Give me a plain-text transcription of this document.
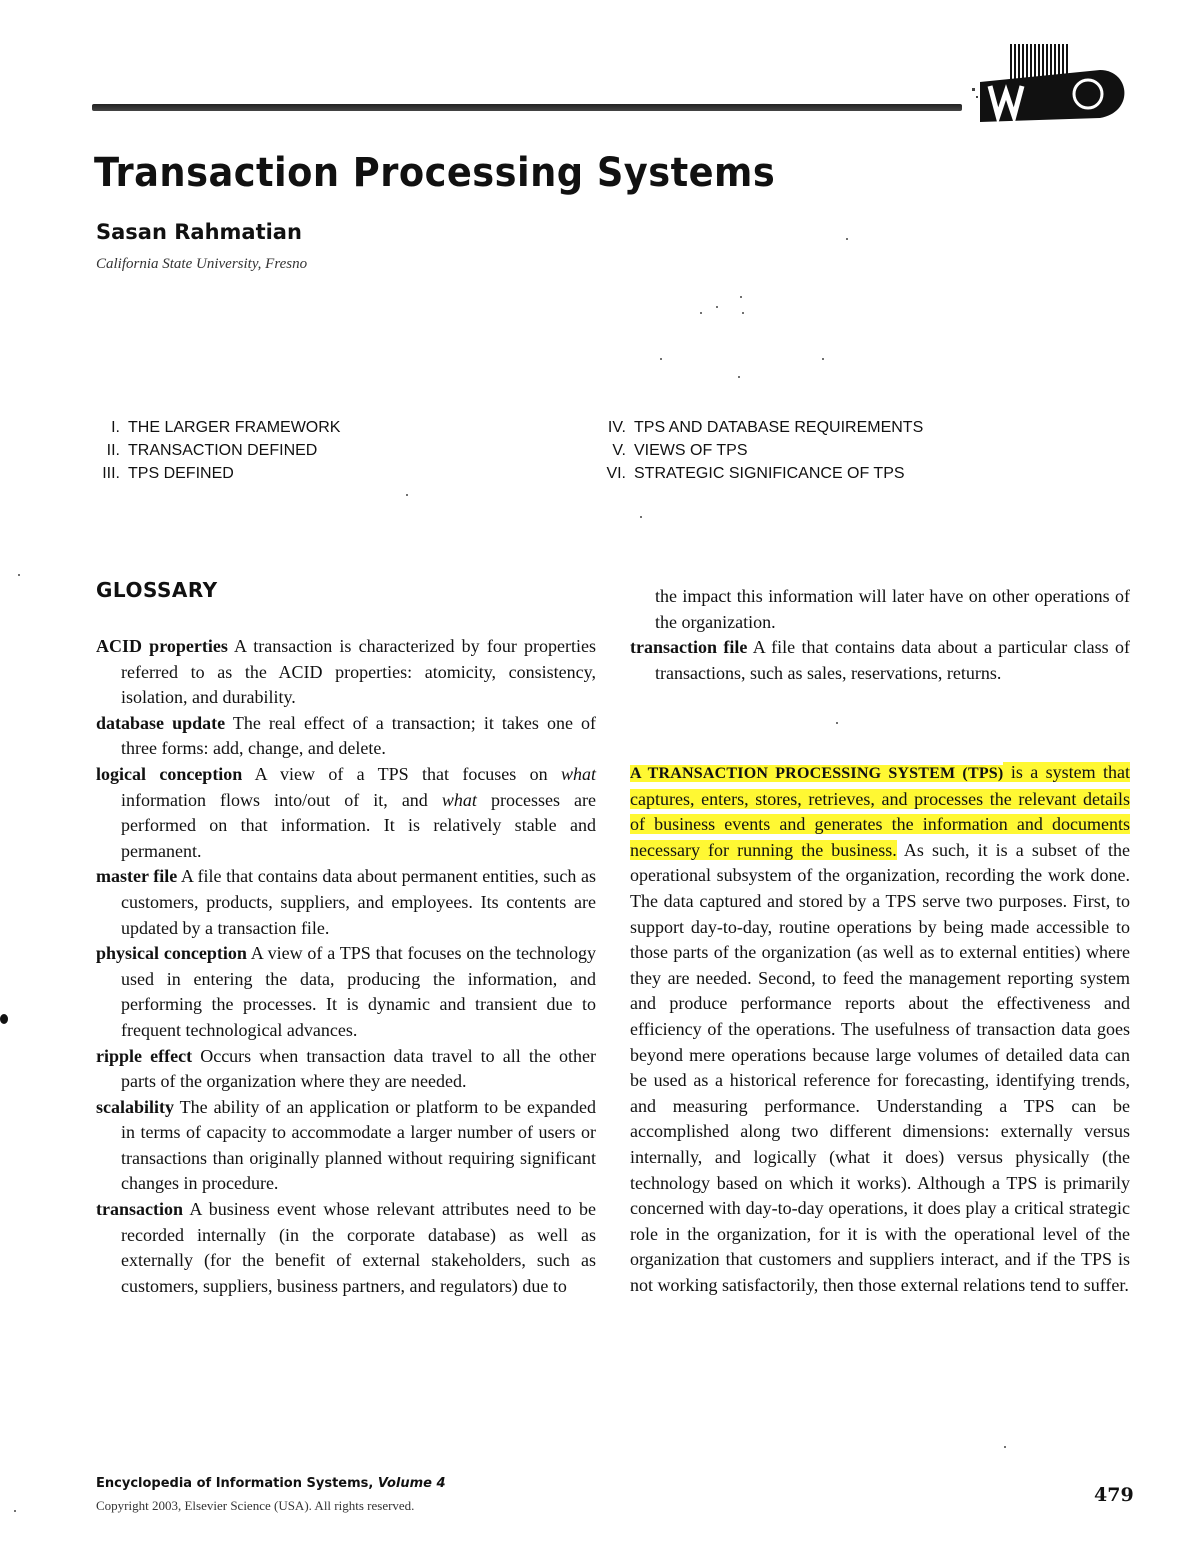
Transaction Processing Systems
Sasan Rahmatian
California State University, Fresno
I. THE LARGER FRAMEWORK
II. TRANSACTION DEFINED
III. TPS DEFINED
IV. TPS AND DATABASE REQUIREMENTS
V. VIEWS OF TPS
VI. STRATEGIC SIGNIFICANCE OF TPS
GLOSSARY

ACID properties A transaction is characterized by four properties referred to as the ACID properties: atomicity, consistency, isolation, and durability.

database update The real effect of a transaction; it takes one of three forms: add, change, and delete.

logical conception A view of a TPS that focuses on what information flows into/out of it, and what processes are performed on that information. It is relatively stable and permanent.

master file A file that contains data about permanent entities, such as customers, products, suppliers, and employees. Its contents are updated by a transaction file.

physical conception A view of a TPS that focuses on the technology used in entering the data, producing the information, and performing the processes. It is dynamic and transient due to frequent technological advances.

ripple effect Occurs when transaction data travel to all the other parts of the organization where they are needed.

scalability The ability of an application or platform to be expanded in terms of capacity to accommodate a larger number of users or transactions than originally planned without requiring significant changes in procedure.

transaction A business event whose relevant attributes need to be recorded internally (in the corporate database) as well as externally (for the benefit of external stakeholders, such as customers, suppliers, business partners, and regulators) due to

the impact this information will later have on other operations of the organization.

transaction file A file that contains data about a particular class of transactions, such as sales, reservations, returns.

A TRANSACTION PROCESSING SYSTEM (TPS) is a system that captures, enters, stores, retrieves, and processes the relevant details of business events and generates the information and documents necessary for running the business. As such, it is a subset of the operational subsystem of the organization, recording the work done. The data captured and stored by a TPS serve two purposes. First, to support day-to-day, routine operations by being made accessible to those parts of the organization (as well as to external entities) where they are needed. Second, to feed the management reporting system and produce performance reports about the effectiveness and efficiency of the operations. The usefulness of transaction data goes beyond mere operations because large volumes of detailed data can be used as a historical reference for forecasting, identifying trends, and measuring performance. Understanding a TPS can be accomplished along two different dimensions: externally versus internally, and logically (what it does) versus physically (the technology based on which it works). Although a TPS is primarily concerned with day-to-day operations, it does play a critical strategic role in the organization, for it is with the operational level of the organization that customers and suppliers interact, and if the TPS is not working satisfactorily, then those external relations tend to suffer.

Encyclopedia of Information Systems, Volume 4
Copyright 2003, Elsevier Science (USA). All rights reserved.	479
